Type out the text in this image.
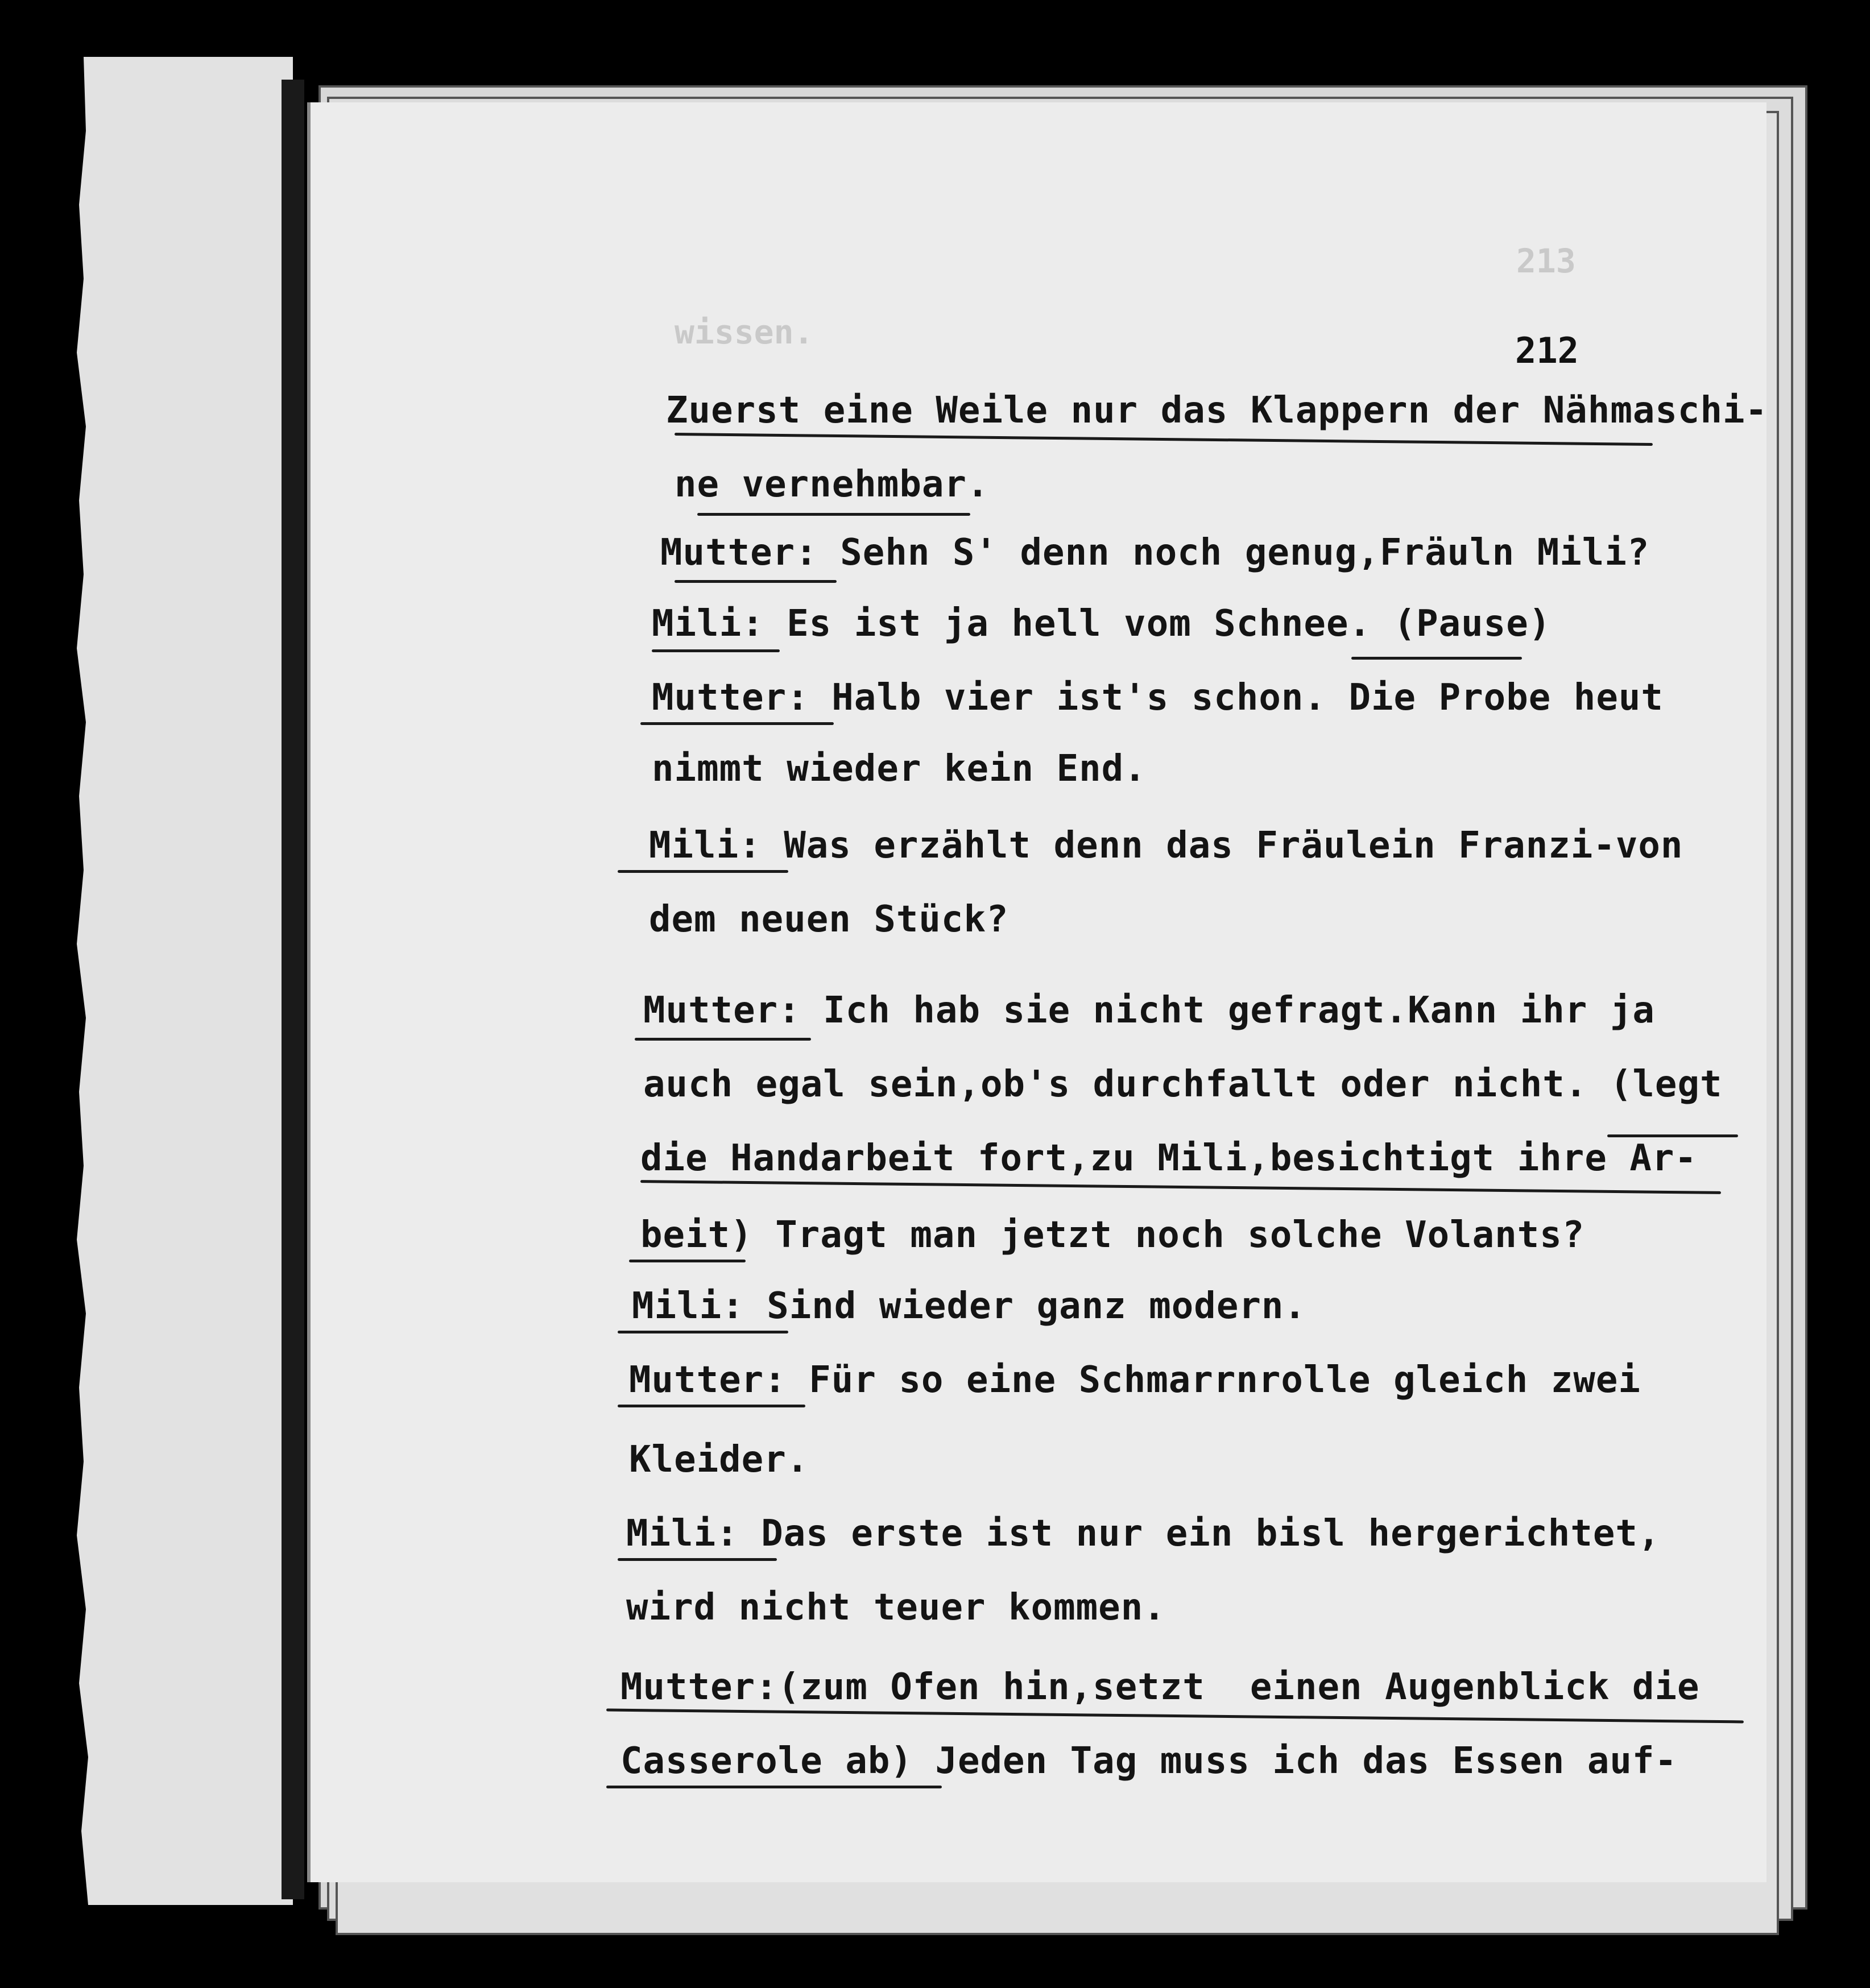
213
wissen.	212
Zuerst eine Weile nur das Klappern der Nähmaschi-
ne vernehmbar.
Mutter: Sehn S' denn noch genug,Fräuln Mili?
Mili: Es ist ja hell vom Schnee. (Pause)
Mutter: Halb vier ist's schon. Die Probe heut
nimmt wieder kein End.
Mili: Was erzählt denn das Fräulein Franzi-von
dem neuen Stück?
Mutter: Ich hab sie nicht gefragt.Kann ihr ja
auch egal sein,ob's durchfallt oder nicht. (legt
die Handarbeit fort,zu Mili,besichtigt ihre Ar-
beit) Tragt man jetzt noch solche Volants?
Mili: Sind wieder ganz modern.
Mutter: Für so eine Schmarrnrolle gleich zwei
Kleider.
Mili: Das erste ist nur ein bisl hergerichtet,
wird nicht teuer kommen.
Mutter:(zum Ofen hin,setzt  einen Augenblick die
Casserole ab) Jeden Tag muss ich das Essen auf-
